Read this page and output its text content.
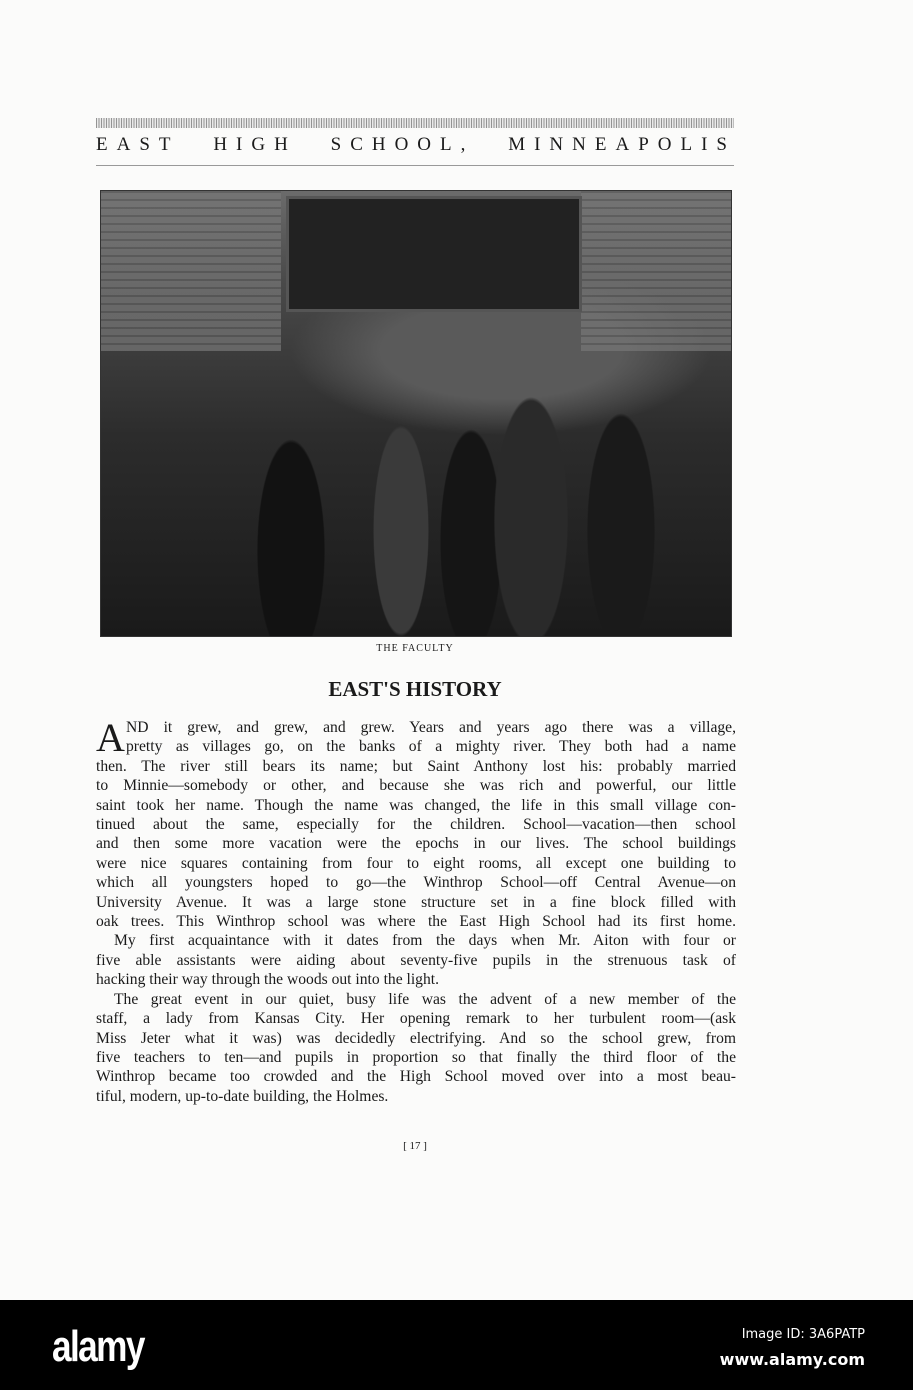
EAST HIGH SCHOOL, MINNEAPOLIS
THE FACULTY
EAST'S HISTORY
A ND it grew, and grew, and grew. Years and years ago there was a village,
pretty as villages go, on the banks of a mighty river. They both had a name
then. The river still bears its name; but Saint Anthony lost his: probably married
to Minnie—somebody or other, and because she was rich and powerful, our little
saint took her name. Though the name was changed, the life in this small village con-
tinued about the same, especially for the children. School—vacation—then school
and then some more vacation were the epochs in our lives. The school buildings
were nice squares containing from four to eight rooms, all except one building to
which all youngsters hoped to go—the Winthrop School—off Central Avenue—on
University Avenue. It was a large stone structure set in a fine block filled with
oak trees. This Winthrop school was where the East High School had its first home.
My first acquaintance with it dates from the days when Mr. Aiton with four or
five able assistants were aiding about seventy-five pupils in the strenuous task of
hacking their way through the woods out into the light.
The great event in our quiet, busy life was the advent of a new member of the
staff, a lady from Kansas City. Her opening remark to her turbulent room—(ask
Miss Jeter what it was) was decidedly electrifying. And so the school grew, from
five teachers to ten—and pupils in proportion so that finally the third floor of the
Winthrop became too crowded and the High School moved over into a most beau-
tiful, modern, up-to-date building, the Holmes.
[ 17 ]
alamy	Image ID: 3A6PATP
www.alamy.com
